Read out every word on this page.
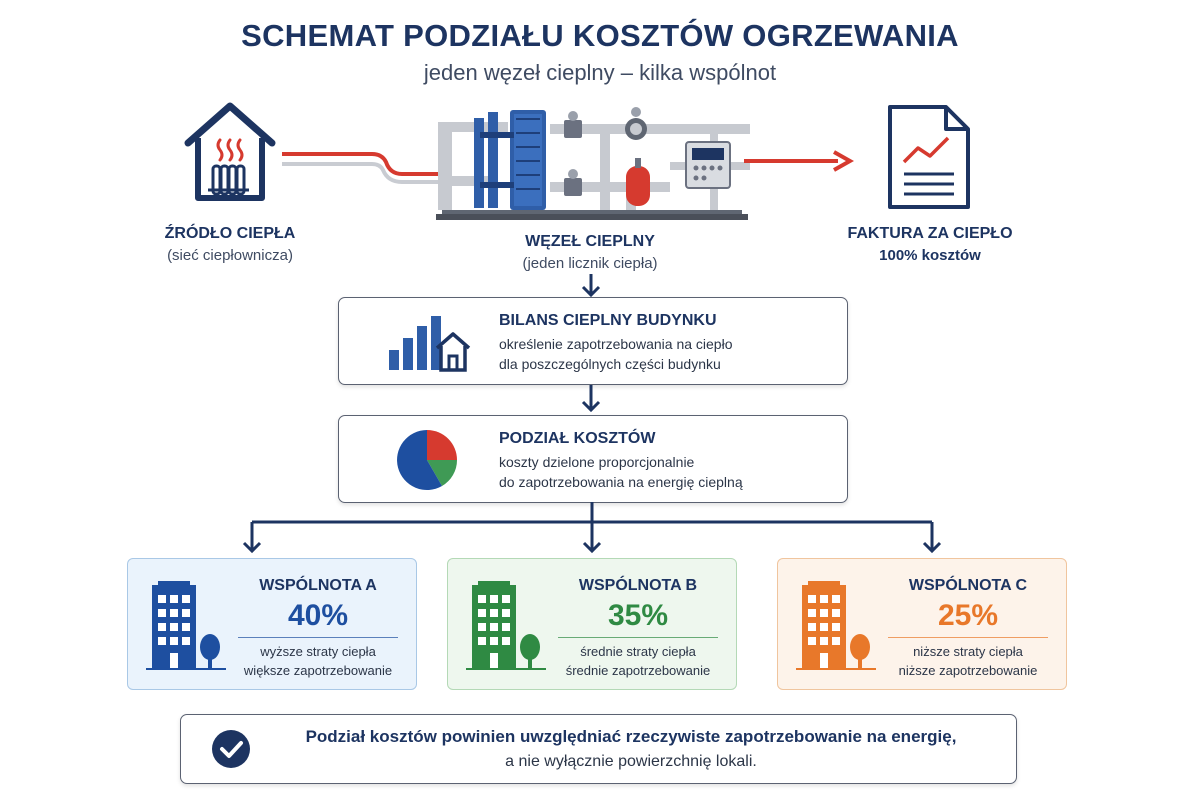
SCHEMAT PODZIAŁU KOSZTÓW OGRZEWANIA
jeden węzeł cieplny – kilka wspólnot
ŹRÓDŁO CIEPŁA
(sieć ciepłownicza)
WĘZEŁ CIEPLNY
(jeden licznik ciepła)
FAKTURA ZA CIEPŁO
100% kosztów
BILANS CIEPLNY BUDYNKU
określenie zapotrzebowania na ciepło
dla poszczególnych części budynku
PODZIAŁ KOSZTÓW
koszty dzielone proporcjonalnie
do zapotrzebowania na energię cieplną
WSPÓLNOTA A
40%
wyższe straty ciepła
większe zapotrzebowanie
WSPÓLNOTA B
35%
średnie straty ciepła
średnie zapotrzebowanie
WSPÓLNOTA C
25%
niższe straty ciepła
niższe zapotrzebowanie
Podział kosztów powinien uwzględniać rzeczywiste zapotrzebowanie na energię,
a nie wyłącznie powierzchnię lokali.
